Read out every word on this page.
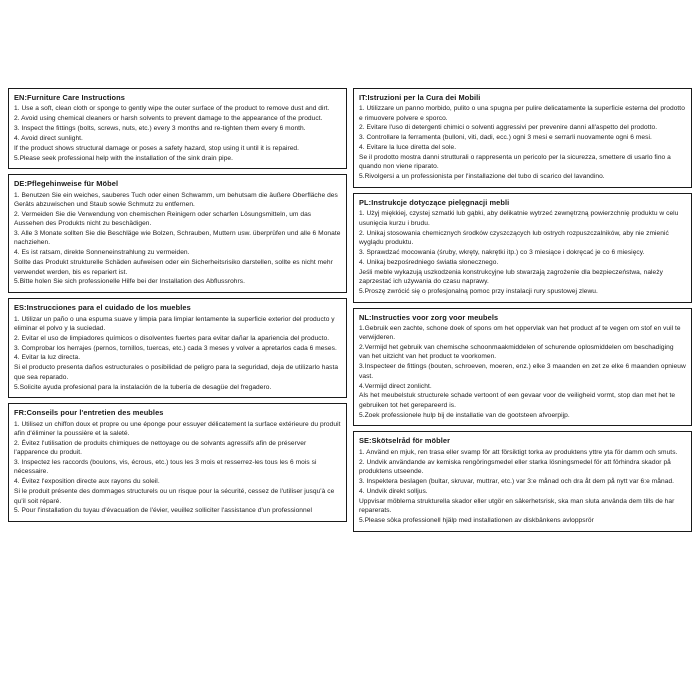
EN:Furniture Care Instructions
1. Use a soft, clean cloth or sponge to gently wipe the outer surface of the product to remove dust and dirt.
2. Avoid using chemical cleaners or harsh solvents to prevent damage to the appearance of the product.
3. Inspect the fittings (bolts, screws, nuts, etc.) every 3 months and re-tighten them every 6 month.
4. Avoid direct sunlight.
If the product shows structural damage or poses a safety hazard, stop using it until it is repaired.
5.Please seek professional help with the installation of the sink drain pipe.
DE:Pflegehinweise für Möbel
1. Benutzen Sie ein weiches, sauberes Tuch oder einen Schwamm, um behutsam die äußere Oberfläche des Geräts abzuwischen und Staub sowie Schmutz zu entfernen.
2. Vermeiden Sie die Verwendung von chemischen Reinigern oder scharfen Lösungsmitteln, um das Aussehen des Produkts nicht zu beschädigen.
3. Alle 3 Monate sollten Sie die Beschläge wie Bolzen, Schrauben, Muttern usw. überprüfen und alle 6 Monate nachziehen.
4. Es ist ratsam, direkte Sonneneinstrahlung zu vermeiden.
Sollte das Produkt strukturelle Schäden aufweisen oder ein Sicherheitsrisiko darstellen, sollte es nicht mehr verwendet werden, bis es repariert ist.
5.Bitte holen Sie sich professionelle Hilfe bei der Installation des Abflussrohrs.
ES:Instrucciones para el cuidado de los muebles
1. Utilizar un paño o una espuma suave y limpia para limpiar lentamente la superficie exterior del producto y eliminar el polvo y la suciedad.
2. Evitar el uso de limpiadores químicos o disolventes fuertes para evitar dañar la apariencia del producto.
3. Comprobar los herrajes (pernos, tornillos, tuercas, etc.) cada 3 meses y volver a apretarlos cada 6 meses.
4. Evitar la luz directa.
Si el producto presenta daños estructurales o posibilidad de peligro para la seguridad, deja de utilizarlo hasta que sea reparado.
5.Solicite ayuda profesional para la instalación de la tubería de desagüe del fregadero.
FR:Conseils pour l'entretien des meubles
1. Utilisez un chiffon doux et propre ou une éponge pour essuyer délicatement la surface extérieure du produit afin d'éliminer la poussière et la saleté.
2. Évitez l'utilisation de produits chimiques de nettoyage ou de solvants agressifs afin de préserver l'apparence du produit.
3. Inspectez les raccords (boulons, vis, écrous, etc.) tous les 3 mois et resserrez-les tous les 6 mois si nécessaire.
4. Évitez l'exposition directe aux rayons du soleil.
Si le produit présente des dommages structurels ou un risque pour la sécurité, cessez de l'utiliser jusqu'à ce qu'il soit réparé.
5. Pour l'installation du tuyau d'évacuation de l'évier, veuillez solliciter l'assistance d'un professionnel
IT:Istruzioni per la Cura dei Mobili
1. Utilizzare un panno morbido, pulito o una spugna per pulire delicatamente la superficie esterna del prodotto e rimuovere polvere e sporco.
2. Evitare l'uso di detergenti chimici o solventi aggressivi per prevenire danni all'aspetto del prodotto.
3. Controllare la ferramenta (bulloni, viti, dadi, ecc.) ogni 3 mesi e serrarli nuovamente ogni 6 mesi.
4. Evitare la luce diretta del sole.
Se il prodotto mostra danni strutturali o rappresenta un pericolo per la sicurezza, smettere di usarlo fino a quando non viene riparato.
5.Rivolgersi a un professionista per l'installazione del tubo di scarico del lavandino.
PL:Instrukcje dotyczące pielęgnacji mebli
1. Użyj miękkiej, czystej szmatki lub gąbki, aby delikatnie wytrzeć zewnętrzną powierzchnię produktu w celu usunięcia kurzu i brudu.
2. Unikaj stosowania chemicznych środków czyszczących lub ostrych rozpuszczalników, aby nie zmienić wyglądu produktu.
3. Sprawdzać mocowania (śruby, wkręty, nakrętki itp.) co 3 miesiące i dokręcać je co 6 miesięcy.
4. Unikaj bezpośredniego światła słonecznego.
Jeśli meble wykazują uszkodzenia konstrukcyjne lub stwarzają zagrożenie dla bezpieczeństwa, należy zaprzestać ich używania do czasu naprawy.
5.Proszę zwrócić się o profesjonalną pomoc przy instalacji rury spustowej zlewu.
NL:Instructies voor zorg voor meubels
1.Gebruik een zachte, schone doek of spons om het oppervlak van het product af te vegen om stof en vuil te verwijderen.
2.Vermijd het gebruik van chemische schoonmaakmiddelen of schurende oplosmiddelen om beschadiging van het uitzicht van het product te voorkomen.
3.Inspecteer de fittings (bouten, schroeven, moeren, enz.) elke 3 maanden en zet ze elke 6 maanden opnieuw vast.
4.Vermijd direct zonlicht.
Als het meubelstuk structurele schade vertoont of een gevaar voor de veiligheid vormt, stop dan met het te gebruiken tot het gerepareerd is.
5.Zoek professionele hulp bij de installatie van de gootsteen afvoerpijp.
SE:Skötselråd för möbler
1. Använd en mjuk, ren trasa eller svamp för att försiktigt torka av produktens yttre yta för damm och smuts.
2. Undvik användande av kemiska rengöringsmedel eller starka lösningsmedel för att förhindra skador på produktens utseende.
3. Inspektera beslagen (bultar, skruvar, muttrar, etc.) var 3:e månad och dra åt dem på nytt var 6:e månad.
4. Undvik direkt solljus.
Uppvisar möblerna strukturella skador eller utgör en säkerhetsrisk, ska man sluta använda dem tills de har reparerats.
5.Please söka professionell hjälp med installationen av diskbänkens avloppsrör
